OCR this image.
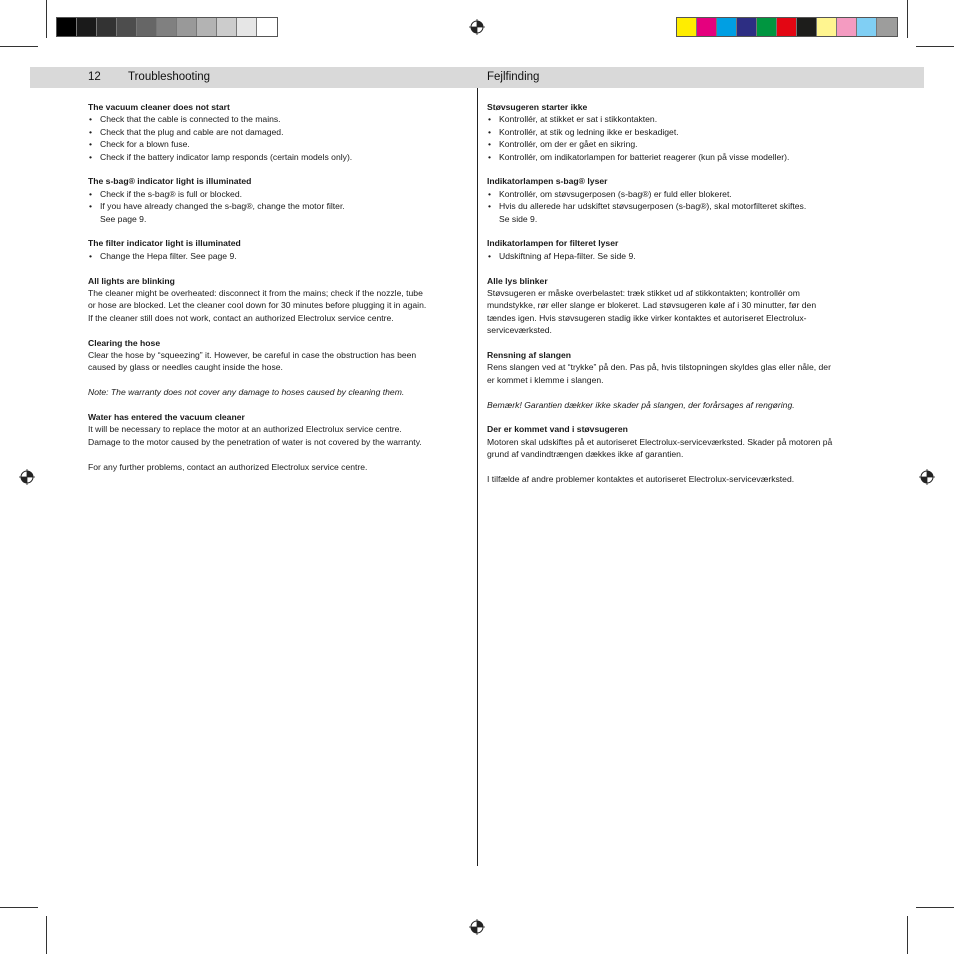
12 Troubleshooting	Fejlfinding
The vacuum cleaner does not start
• Check that the cable is connected to the mains.
• Check that the plug and cable are not damaged.
• Check for a blown fuse.
• Check if the battery indicator lamp responds (certain models only).
The s-bag® indicator light is illuminated
• Check if the s-bag® is full or blocked.
• If you have already changed the s-bag®, change the motor filter.
See page 9.
The filter indicator light is illuminated
• Change the Hepa filter. See page 9.
All lights are blinking
The cleaner might be overheated: disconnect it from the mains; check if the nozzle, tube
or hose are blocked. Let the cleaner cool down for 30 minutes before plugging it in again.
If the cleaner still does not work, contact an authorized Electrolux service centre.
Clearing the hose
Clear the hose by “squeezing” it. However, be careful in case the obstruction has been
caused by glass or needles caught inside the hose.
Note: The warranty does not cover any damage to hoses caused by cleaning them.
Water has entered the vacuum cleaner
It will be necessary to replace the motor at an authorized Electrolux service centre.
Damage to the motor caused by the penetration of water is not covered by the warranty.
For any further problems, contact an authorized Electrolux service centre.
Støvsugeren starter ikke
• Kontrollér, at stikket er sat i stikkontakten.
• Kontrollér, at stik og ledning ikke er beskadiget.
• Kontrollér, om der er gået en sikring.
• Kontrollér, om indikatorlampen for batteriet reagerer (kun på visse modeller).
Indikatorlampen s-bag® lyser
• Kontrollér, om støvsugerposen (s-bag®) er fuld eller blokeret.
• Hvis du allerede har udskiftet støvsugerposen (s-bag®), skal motorfilteret skiftes.
Se side 9.
Indikatorlampen for filteret lyser
• Udskiftning af Hepa-filter. Se side 9.
Alle lys blinker
Støvsugeren er måske overbelastet: træk stikket ud af stikkontakten; kontrollér om
mundstykke, rør eller slange er blokeret. Lad støvsugeren køle af i 30 minutter, før den
tændes igen. Hvis støvsugeren stadig ikke virker kontaktes et autoriseret Electrolux-
serviceværksted.
Rensning af slangen
Rens slangen ved at “trykke” på den. Pas på, hvis tilstopningen skyldes glas eller nåle, der
er kommet i klemme i slangen.
Bemærk! Garantien dækker ikke skader på slangen, der forårsages af rengøring.
Der er kommet vand i støvsugeren
Motoren skal udskiftes på et autoriseret Electrolux-serviceværksted. Skader på motoren på
grund af vandindtrængen dækkes ikke af garantien.
I tilfælde af andre problemer kontaktes et autoriseret Electrolux-serviceværksted.
